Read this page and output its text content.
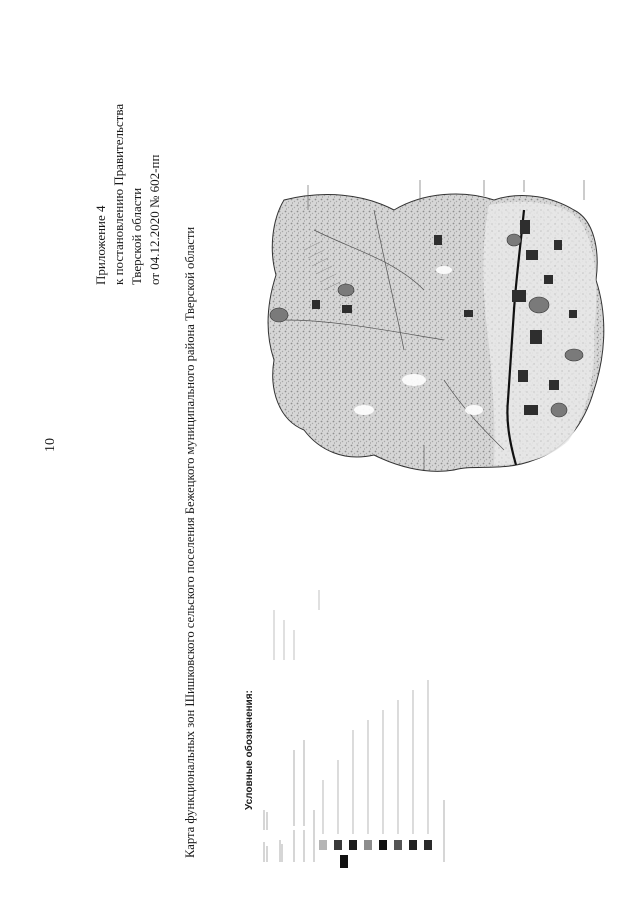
10
Приложение 4 к постановлению Правительства Тверской области от 04.12.2020 № 602-пп
Карта функциональных зон Шишковского сельского поселения Бежецкого муниципального района Тверской области	Условные обозначения:
